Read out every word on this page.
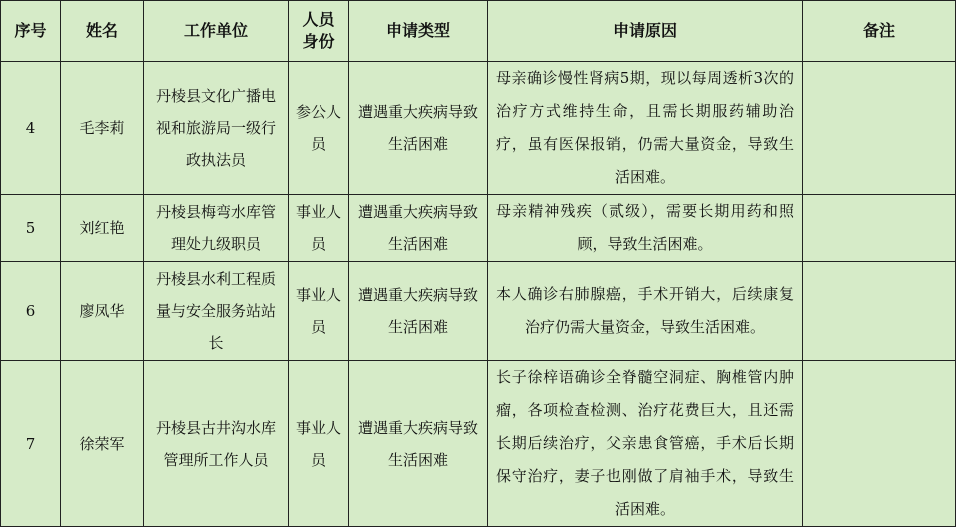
序号	姓名	工作单位	人员身份	申请类型	申请原因	备注
4	毛李莉	丹棱县文化广播电视和旅游局一级行政执法员	参公人员	遭遇重大疾病导致生活困难	母亲确诊慢性肾病5期，现以每周透析3次的治疗方式维持生命，且需长期服药辅助治疗，虽有医保报销，仍需大量资金，导致生活困难。	
5	刘红艳	丹棱县梅弯水库管理处九级职员	事业人员	遭遇重大疾病导致生活困难	母亲精神残疾（贰级），需要长期用药和照顾，导致生活困难。	
6	廖凤华	丹棱县水利工程质量与安全服务站站长	事业人员	遭遇重大疾病导致生活困难	本人确诊右肺腺癌，手术开销大，后续康复治疗仍需大量资金，导致生活困难。	
7	徐荣军	丹棱县古井沟水库管理所工作人员	事业人员	遭遇重大疾病导致生活困难	长子徐梓语确诊全脊髓空洞症、胸椎管内肿瘤，各项检查检测、治疗花费巨大，且还需长期后续治疗，父亲患食管癌，手术后长期保守治疗，妻子也刚做了肩袖手术，导致生活困难。	
